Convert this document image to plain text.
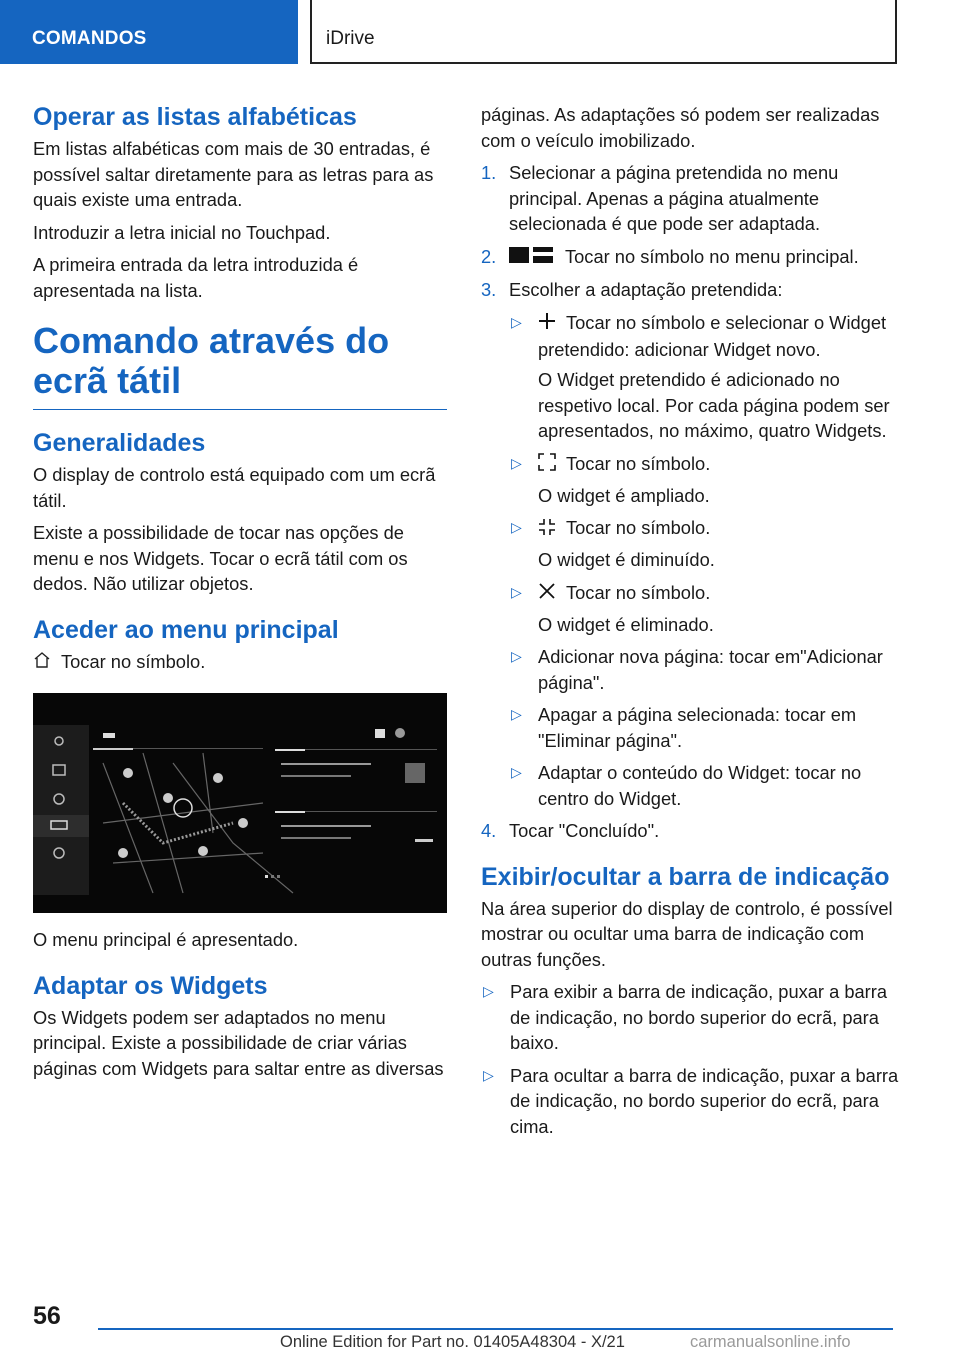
COMANDOS	iDrive
Operar as listas alfabéticas

Em listas alfabéticas com mais de 30 entradas, é possível saltar diretamente para as letras para as quais existe uma entrada.

Introduzir a letra inicial no Touchpad.

A primeira entrada da letra introduzida é apresentada na lista.

Comando através do ecrã tátil
Generalidades

O display de controlo está equipado com um ecrã tátil.

Existe a possibilidade de tocar nas opções de menu e nos Widgets. Tocar o ecrã tátil com os dedos. Não utilizar objetos.

Aceder ao menu principal

Tocar no símbolo.

O menu principal é apresentado.

Adaptar os Widgets

Os Widgets podem ser adaptados no menu principal. Existe a possibilidade de criar várias páginas com Widgets para saltar entre as diversas

páginas. As adaptações só podem ser realizadas com o veículo imobilizado.

1. Selecionar a página pretendida no menu principal. Apenas a página atualmente selecionada é que pode ser adaptada.
2.	Tocar no símbolo no menu principal.
3. Escolher a adaptação pretendida:
▷ Tocar no símbolo e selecionar o Widget pretendido: adicionar Widget novo.

O Widget pretendido é adicionado no respetivo local. Por cada página podem ser apresentados, no máximo, quatro Widgets.

▷ Tocar no símbolo.

O widget é ampliado.

▷ Tocar no símbolo.

O widget é diminuído.

▷ Tocar no símbolo.

O widget é eliminado.

▷ Adicionar nova página: tocar em"Adicionar página".
▷ Apagar a página selecionada: tocar em "Eliminar página".
▷ Adaptar o conteúdo do Widget: tocar no centro do Widget.
4. Tocar "Concluído".
Exibir/ocultar a barra de indicação

Na área superior do display de controlo, é possível mostrar ou ocultar uma barra de indicação com outras funções.

▷ Para exibir a barra de indicação, puxar a barra de indicação, no bordo superior do ecrã, para baixo.
▷ Para ocultar a barra de indicação, puxar a barra de indicação, no bordo superior do ecrã, para cima.
56
Online Edition for Part no. 01405A48304 - X/21	carmanualsonline.info
